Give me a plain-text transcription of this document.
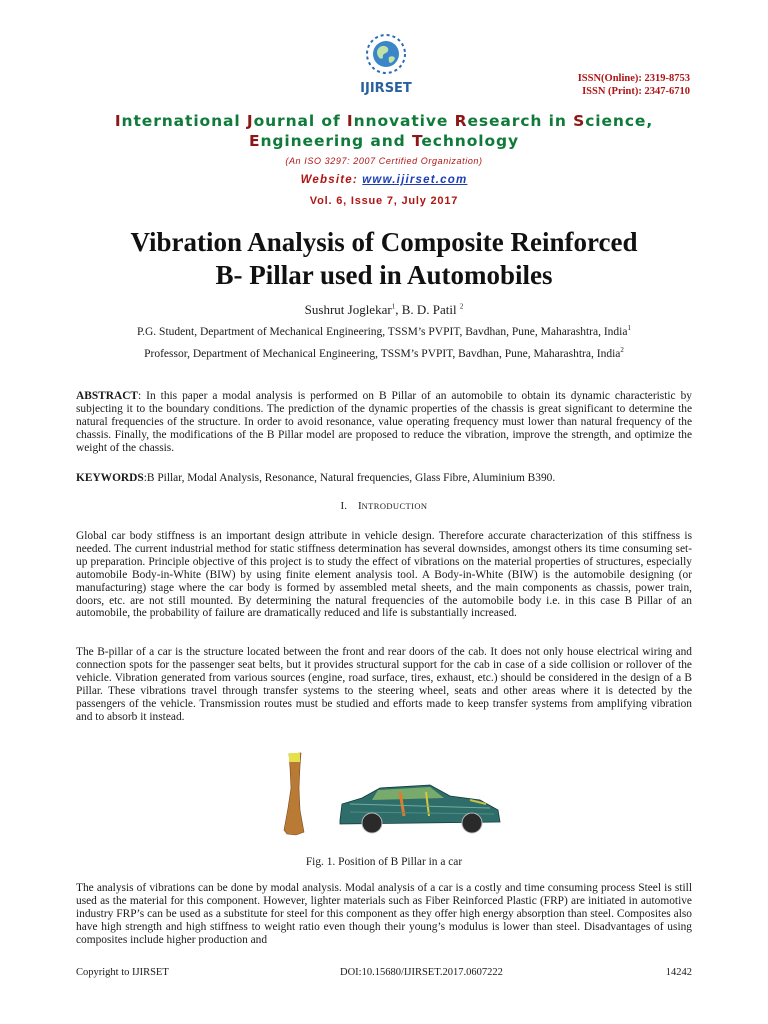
IJIRSET
ISSN(Online): 2319-8753
ISSN (Print): 2347-6710
International Journal of Innovative Research in Science,
Engineering and Technology
(An ISO 3297: 2007 Certified Organization)
Website: www.ijirset.com
Vol. 6, Issue 7, July 2017
Vibration Analysis of Composite Reinforced
B- Pillar used in Automobiles
Sushrut Joglekar$^1$, B. D. Patil $^2$
P.G. Student, Department of Mechanical Engineering, TSSM’s PVPIT, Bavdhan, Pune, Maharashtra, India$^1$
Professor, Department of Mechanical Engineering, TSSM’s PVPIT, Bavdhan, Pune, Maharashtra, India$^2$
ABSTRACT: In this paper a modal analysis is performed on B Pillar of an automobile to obtain its dynamic characteristic by subjecting it to the boundary conditions. The prediction of the dynamic properties of the chassis is great significant to determine the natural frequencies of the structure. In order to avoid resonance, value operating frequency must lower than natural frequency of the chassis. Finally, the modifications of the B Pillar model are proposed to reduce the vibration, improve the strength, and optimize the weight of the chassis.
KEYWORDS:B Pillar, Modal Analysis, Resonance, Natural frequencies, Glass Fibre, Aluminium B390.
I. INTRODUCTION
Global car body stiffness is an important design attribute in vehicle design. Therefore accurate characterization of this stiffness is needed. The current industrial method for static stiffness determination has several downsides, amongst others its time consuming set-up preparation. Principle objective of this project is to study the effect of vibrations on the material properties of structures, especially automobile Body-in-White (BIW) by using finite element analysis tool. A Body-in-White (BIW) is the automobile designing (or manufacturing) stage where the car body is formed by assembled metal sheets, and the main components as chassis, power train, doors, etc. are not still mounted. By determining the natural frequencies of the automobile body i.e. in this case B Pillar of an automobile, the probability of failure are dramatically reduced and life is substantially increased.
The B-pillar of a car is the structure located between the front and rear doors of the cab. It does not only house electrical wiring and connection spots for the passenger seat belts, but it provides structural support for the cab in case of a side collision or rollover of the vehicle. Vibration generated from various sources (engine, road surface, tires, exhaust, etc.) should be considered in the design of a B Pillar. These vibrations travel through transfer systems to the steering wheel, seats and other areas where it is detected by the passengers of the vehicle. Transmission routes must be studied and efforts made to keep transfer systems from amplifying vibration and to absorb it instead.
Fig. 1. Position of B Pillar in a car
The analysis of vibrations can be done by modal analysis. Modal analysis of a car is a costly and time consuming process Steel is still used as the material for this component. However, lighter materials such as Fiber Reinforced Plastic (FRP) are initiated in automotive industry FRP’s can be used as a substitute for steel for this component as they offer high energy absorption than steel. Composites also have high strength and high stiffness to weight ratio even though their young’s modulus is lower than steel. Disadvantages of using composites include higher production and
Copyright to IJIRSET	DOI:10.15680/IJIRSET.2017.0607222	14242
